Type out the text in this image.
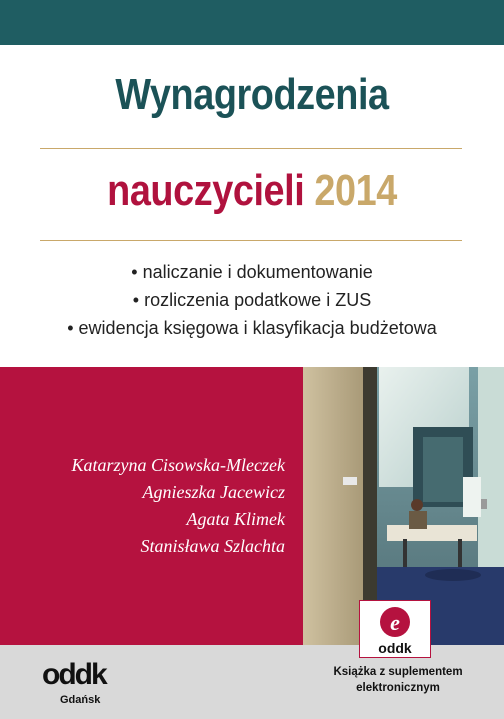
Wynagrodzenia
nauczycieli 2014
• naliczanie i dokumentowanie
• rozliczenia podatkowe i ZUS
• ewidencja księgowa i klasyfikacja budżetowa
Katarzyna Cisowska-Mleczek
Agnieszka Jacewicz
Agata Klimek
Stanisława Szlachta
e
oddk
oddk
Gdańsk
Książka z suplementem
elektronicznym
